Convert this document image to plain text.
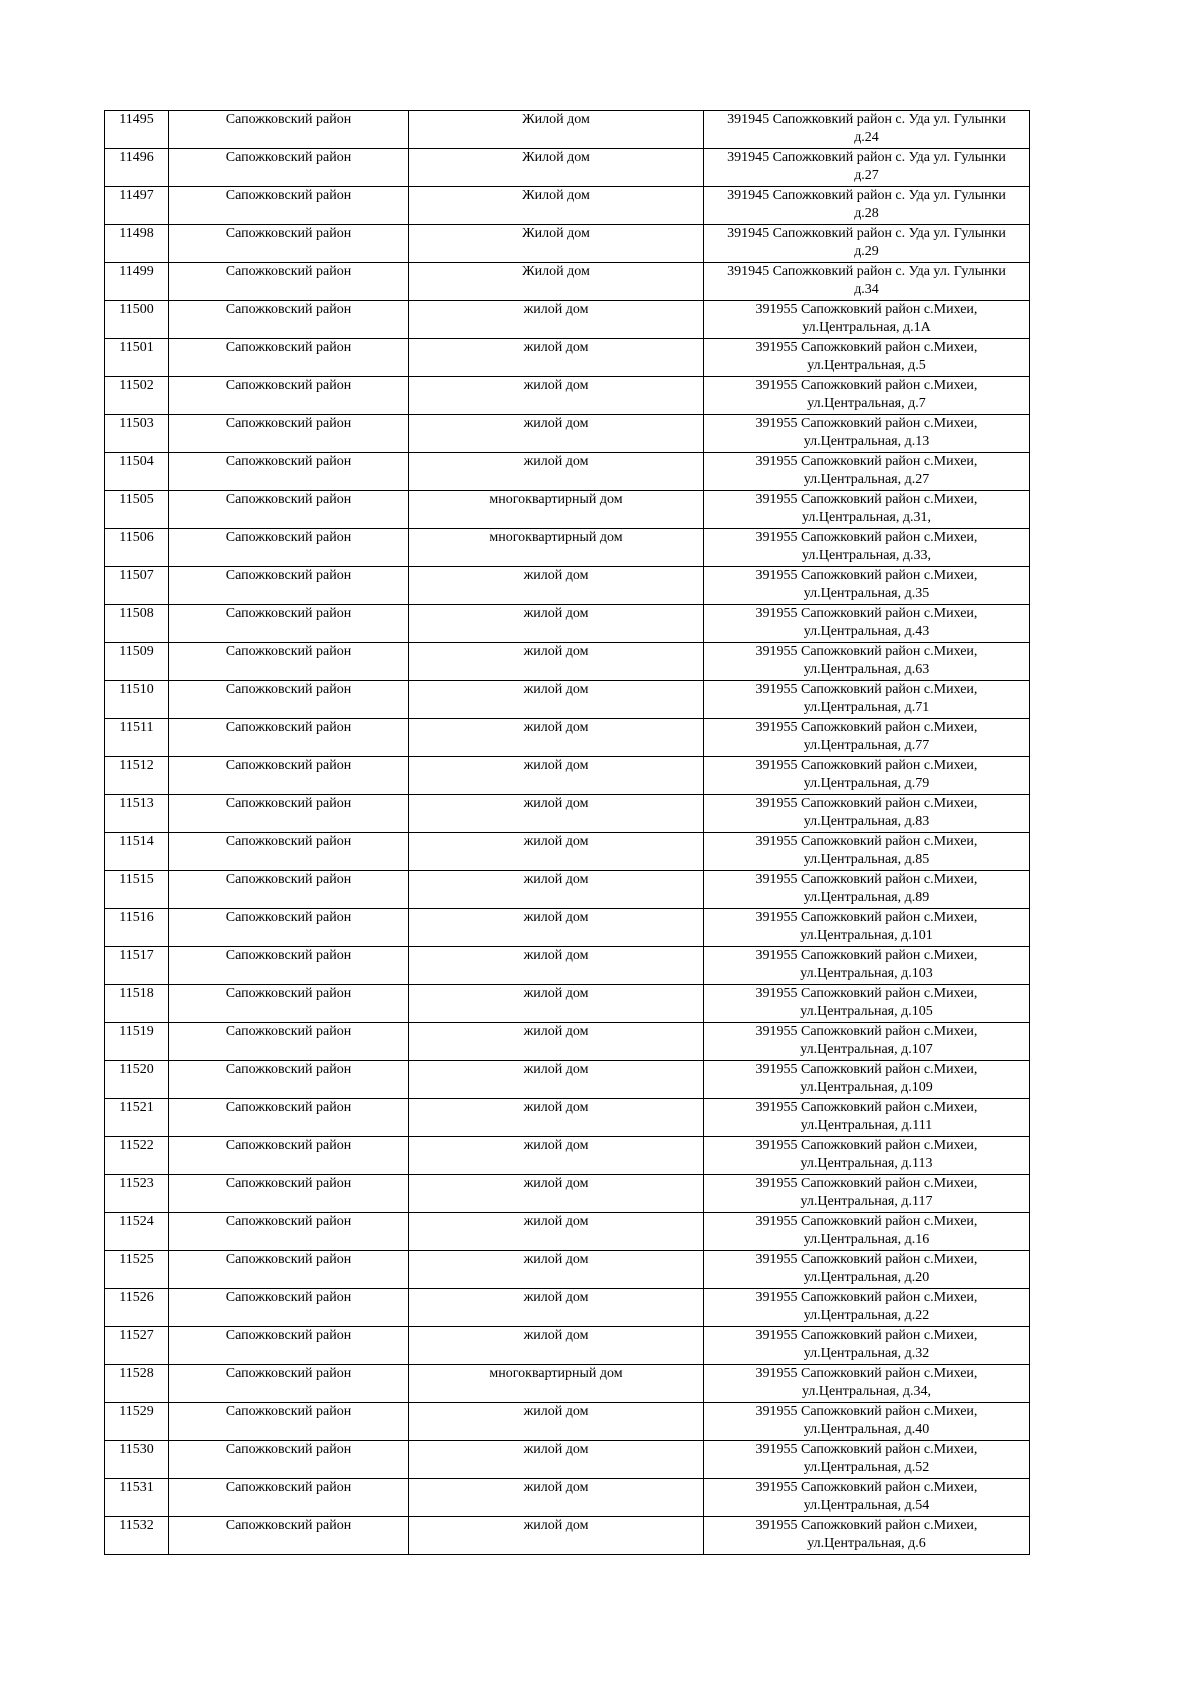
11495	Сапожковский район	Жилой дом	391945 Сапожковкий район с. Уда ул. Гулынки
д.24

11496	Сапожковский район	Жилой дом	391945 Сапожковкий район с. Уда ул. Гулынки
д.27

11497	Сапожковский район	Жилой дом	391945 Сапожковкий район с. Уда ул. Гулынки
д.28

11498	Сапожковский район	Жилой дом	391945 Сапожковкий район с. Уда ул. Гулынки
д.29

11499	Сапожковский район	Жилой дом	391945 Сапожковкий район с. Уда ул. Гулынки
д.34

11500	Сапожковский район	жилой дом	391955 Сапожковкий район с.Михеи,
ул.Центральная, д.1А

11501	Сапожковский район	жилой дом	391955 Сапожковкий район с.Михеи,
ул.Центральная, д.5

11502	Сапожковский район	жилой дом	391955 Сапожковкий район с.Михеи,
ул.Центральная, д.7

11503	Сапожковский район	жилой дом	391955 Сапожковкий район с.Михеи,
ул.Центральная, д.13

11504	Сапожковский район	жилой дом	391955 Сапожковкий район с.Михеи,
ул.Центральная, д.27

11505	Сапожковский район	многоквартирный дом	391955 Сапожковкий район с.Михеи,
ул.Центральная, д.31,

11506	Сапожковский район	многоквартирный дом	391955 Сапожковкий район с.Михеи,
ул.Центральная, д.33,

11507	Сапожковский район	жилой дом	391955 Сапожковкий район с.Михеи,
ул.Центральная, д.35

11508	Сапожковский район	жилой дом	391955 Сапожковкий район с.Михеи,
ул.Центральная, д.43

11509	Сапожковский район	жилой дом	391955 Сапожковкий район с.Михеи,
ул.Центральная, д.63

11510	Сапожковский район	жилой дом	391955 Сапожковкий район с.Михеи,
ул.Центральная, д.71

11511	Сапожковский район	жилой дом	391955 Сапожковкий район с.Михеи,
ул.Центральная, д.77

11512	Сапожковский район	жилой дом	391955 Сапожковкий район с.Михеи,
ул.Центральная, д.79

11513	Сапожковский район	жилой дом	391955 Сапожковкий район с.Михеи,
ул.Центральная, д.83

11514	Сапожковский район	жилой дом	391955 Сапожковкий район с.Михеи,
ул.Центральная, д.85

11515	Сапожковский район	жилой дом	391955 Сапожковкий район с.Михеи,
ул.Центральная, д.89

11516	Сапожковский район	жилой дом	391955 Сапожковкий район с.Михеи,
ул.Центральная, д.101

11517	Сапожковский район	жилой дом	391955 Сапожковкий район с.Михеи,
ул.Центральная, д.103

11518	Сапожковский район	жилой дом	391955 Сапожковкий район с.Михеи,
ул.Центральная, д.105

11519	Сапожковский район	жилой дом	391955 Сапожковкий район с.Михеи,
ул.Центральная, д.107

11520	Сапожковский район	жилой дом	391955 Сапожковкий район с.Михеи,
ул.Центральная, д.109

11521	Сапожковский район	жилой дом	391955 Сапожковкий район с.Михеи,
ул.Центральная, д.111

11522	Сапожковский район	жилой дом	391955 Сапожковкий район с.Михеи,
ул.Центральная, д.113

11523	Сапожковский район	жилой дом	391955 Сапожковкий район с.Михеи,
ул.Центральная, д.117

11524	Сапожковский район	жилой дом	391955 Сапожковкий район с.Михеи,
ул.Центральная, д.16

11525	Сапожковский район	жилой дом	391955 Сапожковкий район с.Михеи,
ул.Центральная, д.20

11526	Сапожковский район	жилой дом	391955 Сапожковкий район с.Михеи,
ул.Центральная, д.22

11527	Сапожковский район	жилой дом	391955 Сапожковкий район с.Михеи,
ул.Центральная, д.32

11528	Сапожковский район	многоквартирный дом	391955 Сапожковкий район с.Михеи,
ул.Центральная, д.34,

11529	Сапожковский район	жилой дом	391955 Сапожковкий район с.Михеи,
ул.Центральная, д.40

11530	Сапожковский район	жилой дом	391955 Сапожковкий район с.Михеи,
ул.Центральная, д.52

11531	Сапожковский район	жилой дом	391955 Сапожковкий район с.Михеи,
ул.Центральная, д.54

11532	Сапожковский район	жилой дом	391955 Сапожковкий район с.Михеи,
ул.Центральная, д.6
